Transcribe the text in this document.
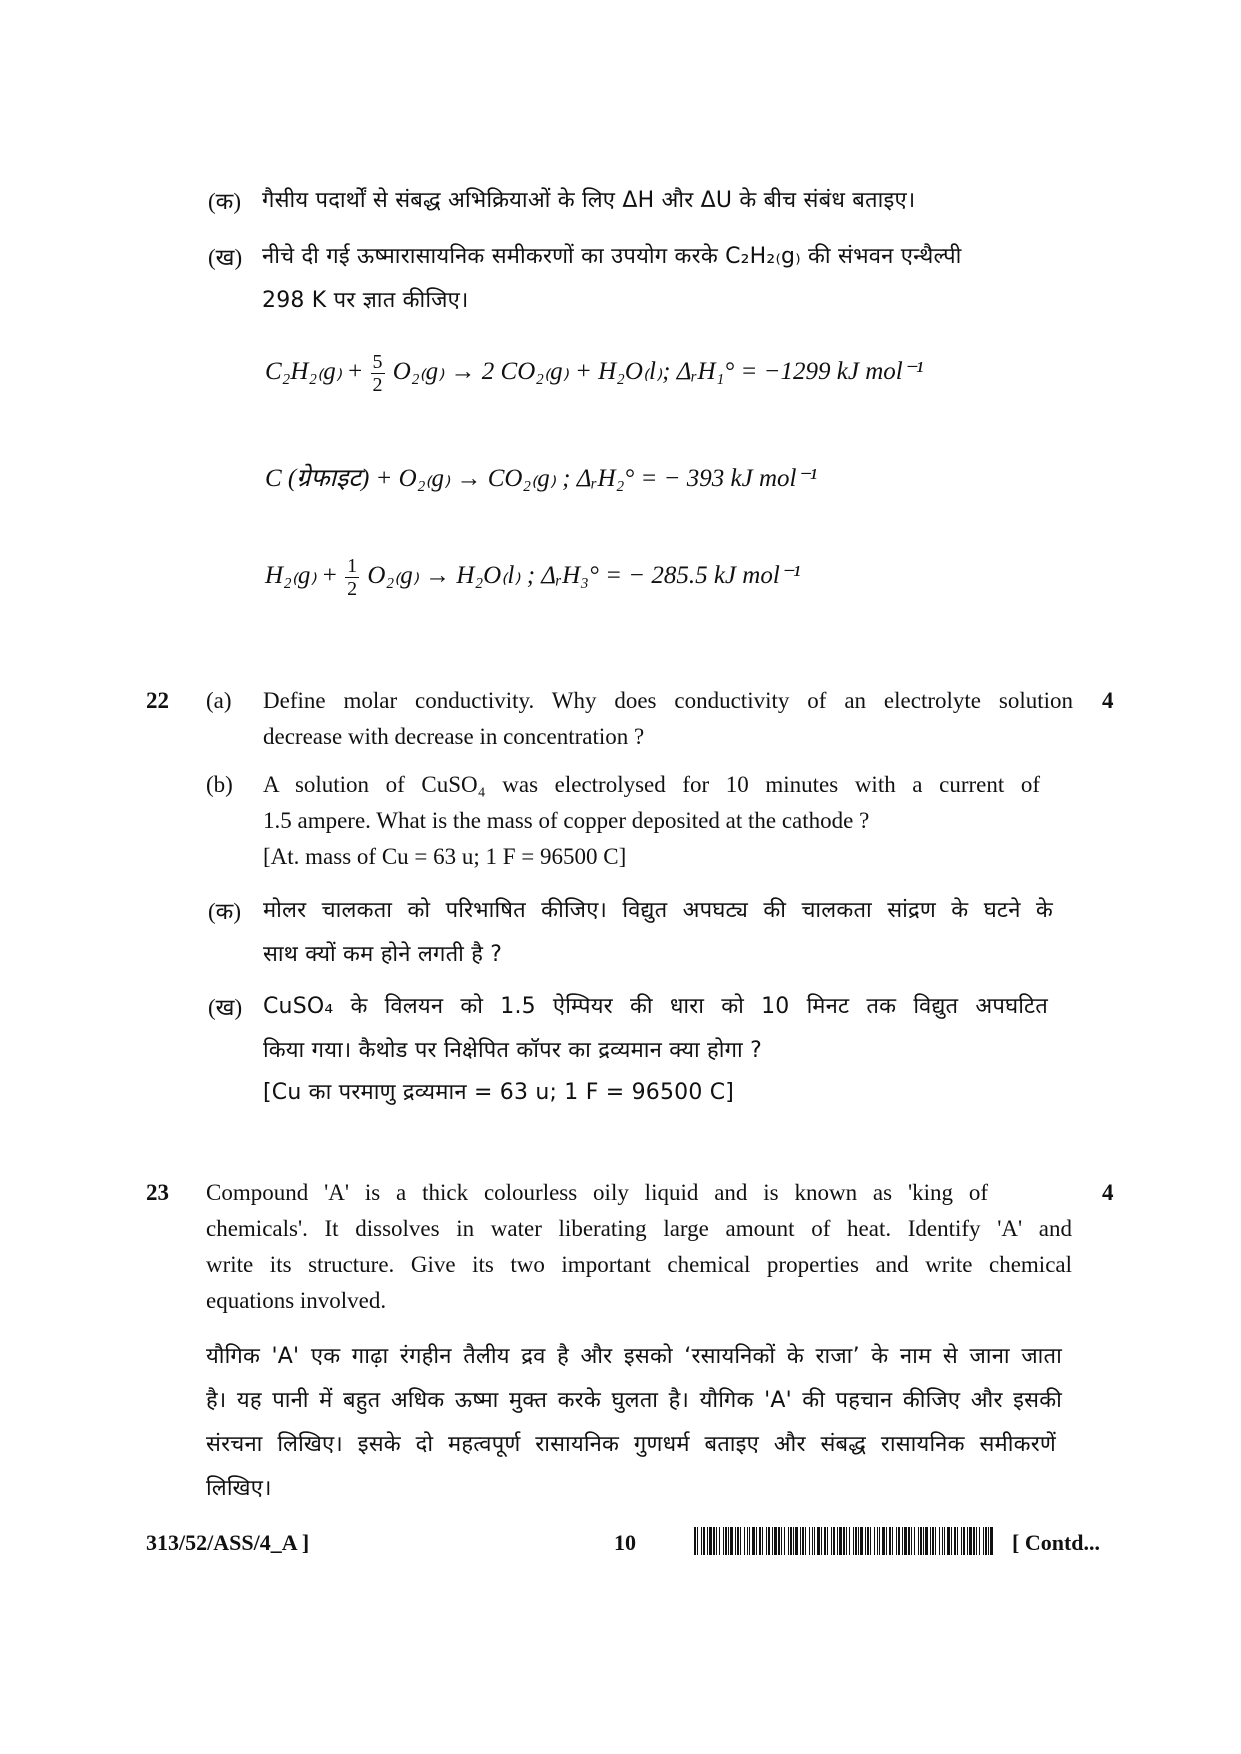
(क) गैसीय पदार्थों से संबद्ध अभिक्रियाओं के लिए ΔH और ΔU के बीच संबंध बताइए।
(ख) नीचे दी गई ऊष्मारासायनिक समीकरणों का उपयोग करके C₂H₂₍g₎ की संभवन एन्थैल्पी
298 K पर ज्ञात कीजिए।
$C_2H_{2(}g_) + \frac{5}{2} O_{2(}g_) \to 2$ CO₂₍g₎ + H₂O₍l₎; ΔᵣH₁° = −1299 kJ mol⁻¹
C (ग्रेफाइट) + O₂₍g₎ → CO₂₍g₎ ; ΔᵣH₂° = − 393 kJ mol⁻¹
$H_{2(}g_) + \frac{1}{2} O_{2(}g_) \to H_2O_(l_)$ ; ΔᵣH₃° = − 285.5 kJ mol⁻¹
22	4
(a) Define molar conductivity. Why does conductivity of an electrolyte solution
decrease with decrease in concentration ?
(b) A solution of CuSO₄ was electrolysed for 10 minutes with a current of
1.5 ampere. What is the mass of copper deposited at the cathode ?
[At. mass of Cu = 63 u; 1 F = 96500 C]
(क) मोलर चालकता को परिभाषित कीजिए। विद्युत अपघट्य की चालकता सांद्रण के घटने के
साथ क्यों कम होने लगती है ?
(ख) CuSO₄ के विलयन को 1.5 ऐम्पियर की धारा को 10 मिनट तक विद्युत अपघटित
किया गया। कैथोड पर निक्षेपित कॉपर का द्रव्यमान क्या होगा ?
[Cu का परमाणु द्रव्यमान = 63 u; 1 F = 96500 C]
23	4
Compound 'A' is a thick colourless oily liquid and is known as 'king of
chemicals'. It dissolves in water liberating large amount of heat. Identify 'A' and
write its structure. Give its two important chemical properties and write chemical
equations involved.
यौगिक 'A' एक गाढ़ा रंगहीन तैलीय द्रव है और इसको ‘रसायनिकों के राजा’ के नाम से जाना जाता
है। यह पानी में बहुत अधिक ऊष्मा मुक्त करके घुलता है। यौगिक 'A' की पहचान कीजिए और इसकी
संरचना लिखिए। इसके दो महत्वपूर्ण रासायनिक गुणधर्म बताइए और संबद्ध रासायनिक समीकरणें
लिखिए।
313/52/ASS/4_A ]	10	[ Contd...
